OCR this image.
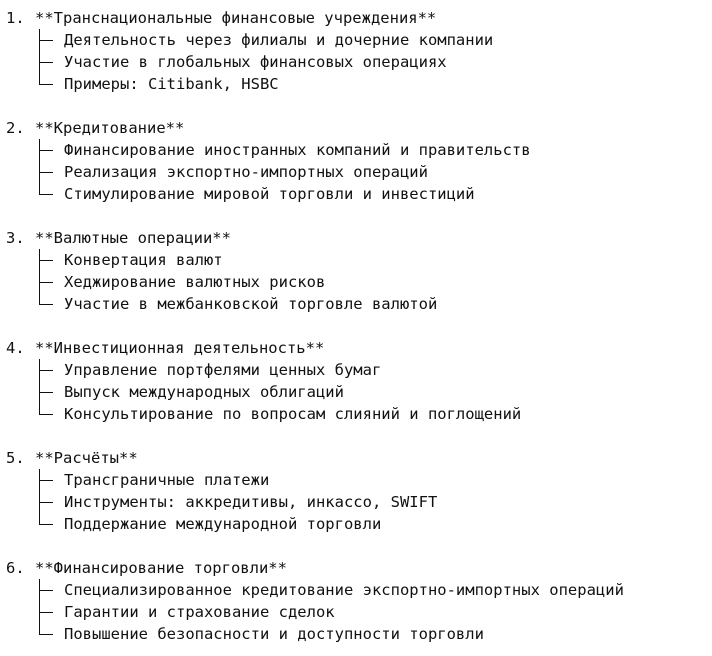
1. **Транснациональные финансовые учреждения**
Деятельность через филиалы и дочерние компании
Участие в глобальных финансовых операциях
Примеры: Citibank, HSBC
2. **Кредитование**
Финансирование иностранных компаний и правительств
Реализация экспортно-импортных операций
Стимулирование мировой торговли и инвестиций
3. **Валютные операции**
Конвертация валют
Хеджирование валютных рисков
Участие в межбанковской торговле валютой
4. **Инвестиционная деятельность**
Управление портфелями ценных бумаг
Выпуск международных облигаций
Консультирование по вопросам слияний и поглощений
5. **Расчёты**
Трансграничные платежи
Инструменты: аккредитивы, инкассо, SWIFT
Поддержание международной торговли
6. **Финансирование торговли**
Специализированное кредитование экспортно-импортных операций
Гарантии и страхование сделок
Повышение безопасности и доступности торговли
